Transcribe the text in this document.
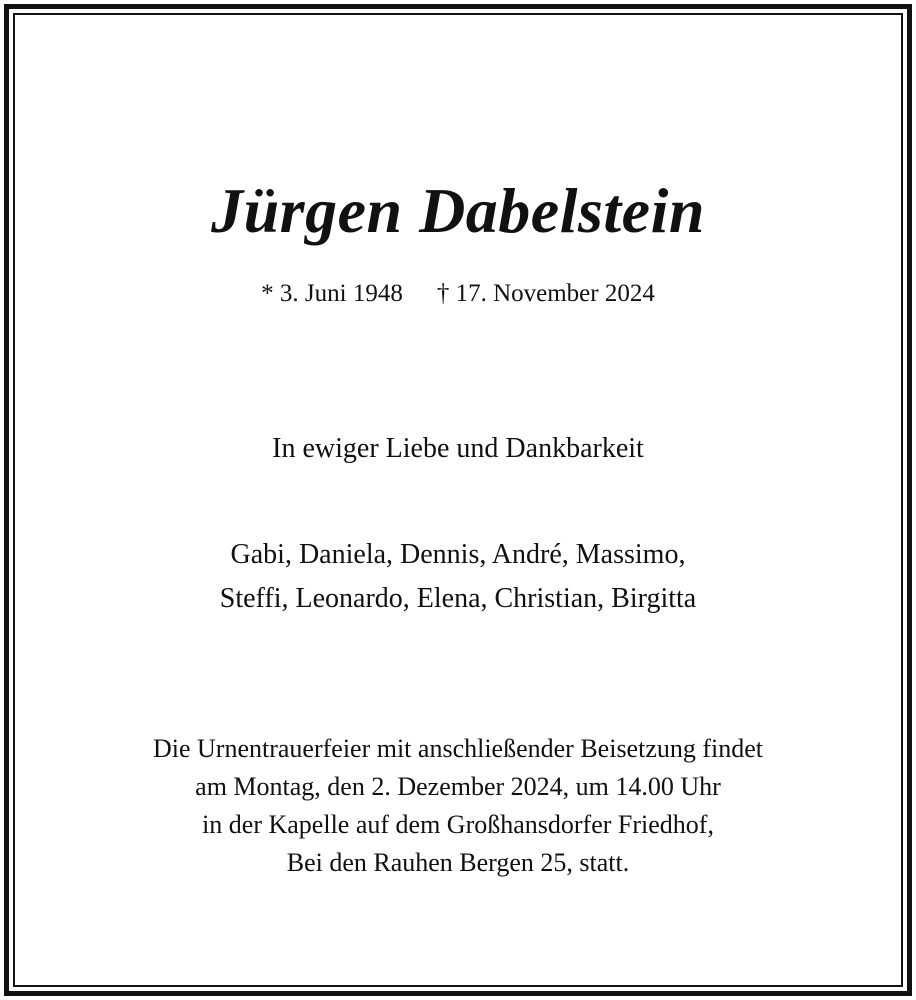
Jürgen Dabelstein
* 3. Juni 1948 † 17. November 2024
In ewiger Liebe und Dankbarkeit
Gabi, Daniela, Dennis, André, Massimo,
Steffi, Leonardo, Elena, Christian, Birgitta
Die Urnentrauerfeier mit anschließender Beisetzung findet
am Montag, den 2. Dezember 2024, um 14.00 Uhr
in der Kapelle auf dem Großhansdorfer Friedhof,
Bei den Rauhen Bergen 25, statt.
